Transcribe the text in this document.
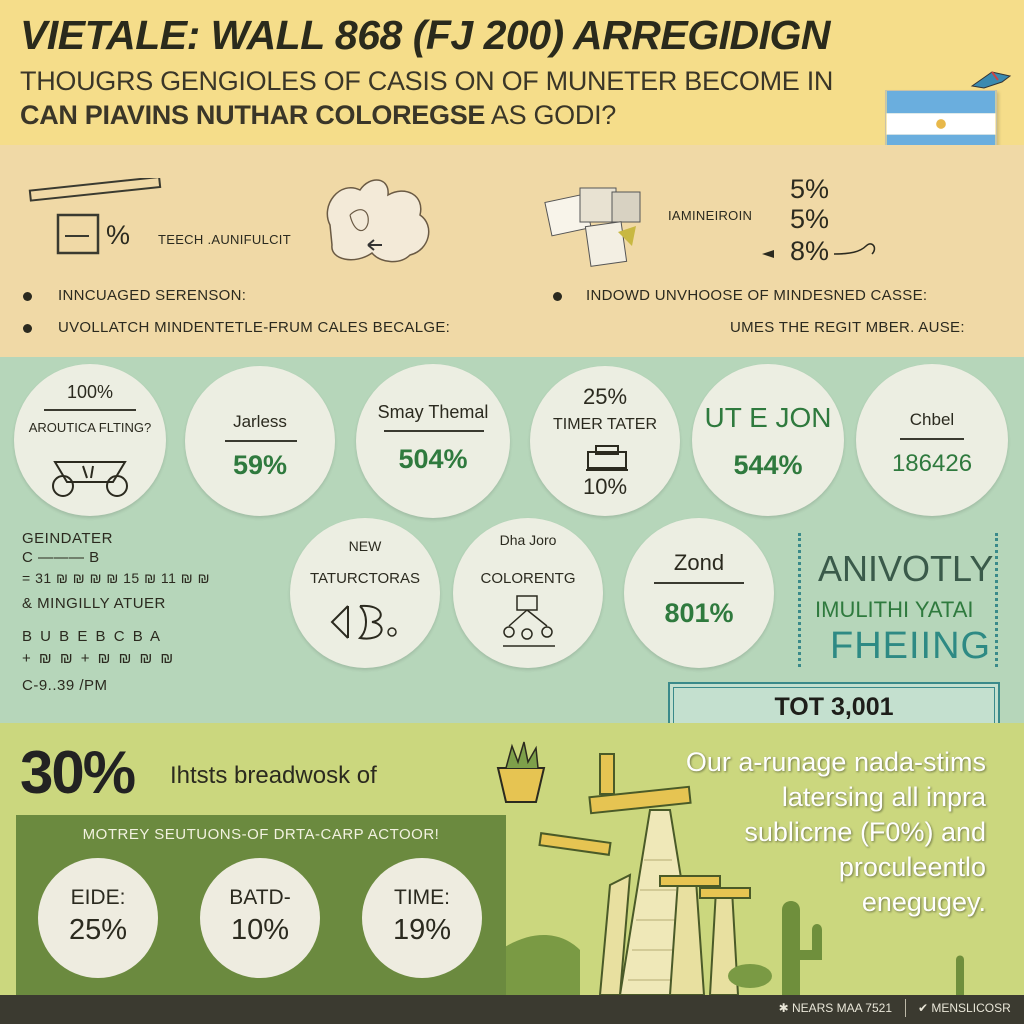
VIETALE: WALL 868 (FJ 200) ARREGIDIGN
THOUGRS GENGIOLES OF CASIS ON OF MUNETER BECOME IN
CAN PIAVINS NUTHAR COLOREGSE AS GODI?
% TEECH .AUNIFULCIT
IAMINEIROIN
5%
5%
8%
INNCUAGED SERENSON:
UVOLLATCH MINDENTETLE-FRUM CALES BECALGE:
INDOWD UNVHOOSE OF MINDESNED CASSE:
UMES THE REGIT MBER. AUSE:
100%
AROUTICA FLTING?	Jarless
59%
Smay Themal
504%
25%
TIMER TATER
10%
UT E JON
544%
Chbel
186426
NEW
TATURCTORAS
Dha Joro
COLORENTG
Zond
801%
GEINDATER
C ——— B
= 31 ₪ ₪ ₪ ₪ 15 ₪ 11 ₪ ₪
& MINGILLY ATUER
B U B E B C B A
+ ₪ ₪ + ₪ ₪ ₪ ₪
C-9..39 /PM
ANIVOTLY
IMULITHI YATAI
FHEIING
TOT 3,001
30% Ihtsts breadwosk of
MOTREY SEUTUONS-OF DRTA-CARP ACTOOR!
EIDE:
25%
BATD-
10%
TIME:
19%
Our a-runage nada-stims
latersing all inpra
sublicrne (F0%) and
proculeentlo
enegugey.
✱ NEARS MAA 7521 ✔ MENSLICOSR
